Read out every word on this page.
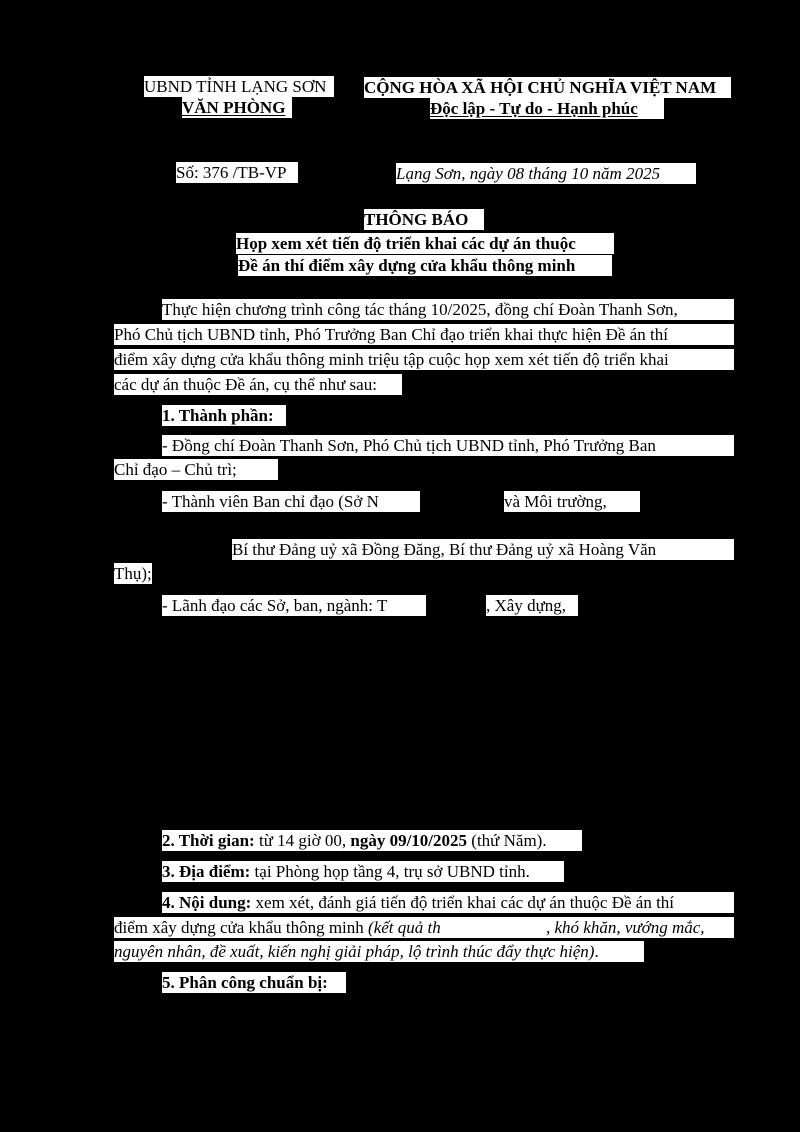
UBND TỈNH LẠNG SƠN
VĂN PHÒNG
CỘNG HÒA XÃ HỘI CHỦ NGHĨA VIỆT NAM
Độc lập - Tự do - Hạnh phúc
Số: 376 /TB-VP	Lạng Sơn, ngày 08 tháng 10 năm 2025
THÔNG BÁO
Họp xem xét tiến độ triển khai các dự án thuộc
Đề án thí điểm xây dựng cửa khẩu thông minh
Thực hiện chương trình công tác tháng 10/2025, đồng chí Đoàn Thanh Sơn,
Phó Chủ tịch UBND tỉnh, Phó Trưởng Ban Chỉ đạo triển khai thực hiện Đề án thí
điểm xây dựng cửa khẩu thông minh triệu tập cuộc họp xem xét tiến độ triển khai
các dự án thuộc Đề án, cụ thể như sau:
1. Thành phần:
- Đồng chí Đoàn Thanh Sơn, Phó Chủ tịch UBND tỉnh, Phó Trưởng Ban
Chỉ đạo – Chủ trì;
- Thành viên Ban chỉ đạo (Sở N	và Môi trường,
Bí thư Đảng uỷ xã Đồng Đăng, Bí thư Đảng uỷ xã Hoàng Văn
Thụ);
- Lãnh đạo các Sở, ban, ngành: T	, Xây dựng,
2. Thời gian: từ 14 giờ 00, ngày 09/10/2025 (thứ Năm).
3. Địa điểm: tại Phòng họp tầng 4, trụ sở UBND tỉnh.
4. Nội dung: xem xét, đánh giá tiến độ triển khai các dự án thuộc Đề án thí
điểm xây dựng cửa khẩu thông minh (kết quả th	, khó khăn, vướng mắc,
nguyên nhân, đề xuất, kiến nghị giải pháp, lộ trình thúc đẩy thực hiện).
5. Phân công chuẩn bị:
